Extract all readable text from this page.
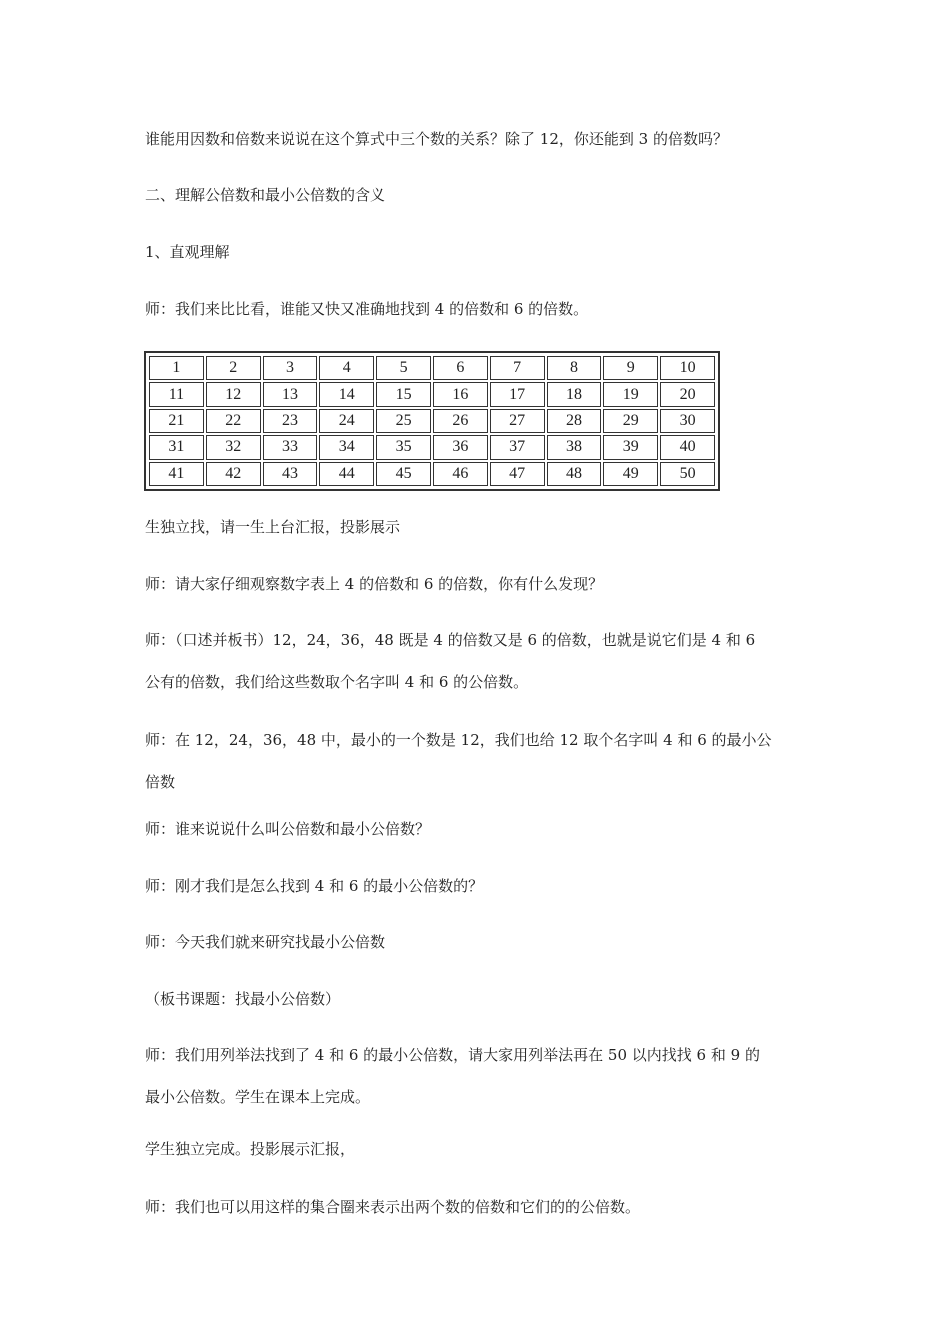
谁能用因数和倍数来说说在这个算式中三个数的关系？除了 12，你还能到 3 的倍数吗？
二、理解公倍数和最小公倍数的含义
1、直观理解
师：我们来比比看，谁能又快又准确地找到 4 的倍数和 6 的倍数。
1	2	3	4	5	6	7	8	9	10
11	12	13	14	15	16	17	18	19	20
21	22	23	24	25	26	27	28	29	30
31	32	33	34	35	36	37	38	39	40
41	42	43	44	45	46	47	48	49	50
生独立找，请一生上台汇报，投影展示
师：请大家仔细观察数字表上 4 的倍数和 6 的倍数，你有什么发现？
师：（口述并板书）12，24，36，48 既是 4 的倍数又是 6 的倍数，也就是说它们是 4 和 6
公有的倍数，我们给这些数取个名字叫 4 和 6 的公倍数。
师：在 12，24，36，48 中，最小的一个数是 12，我们也给 12 取个名字叫 4 和 6 的最小公
倍数
师：谁来说说什么叫公倍数和最小公倍数？
师：刚才我们是怎么找到 4 和 6 的最小公倍数的？
师：今天我们就来研究找最小公倍数
（板书课题：找最小公倍数）
师：我们用列举法找到了 4 和 6 的最小公倍数，请大家用列举法再在 50 以内找找 6 和 9 的
最小公倍数。学生在课本上完成。
学生独立完成。投影展示汇报，
师：我们也可以用这样的集合圈来表示出两个数的倍数和它们的的公倍数。
